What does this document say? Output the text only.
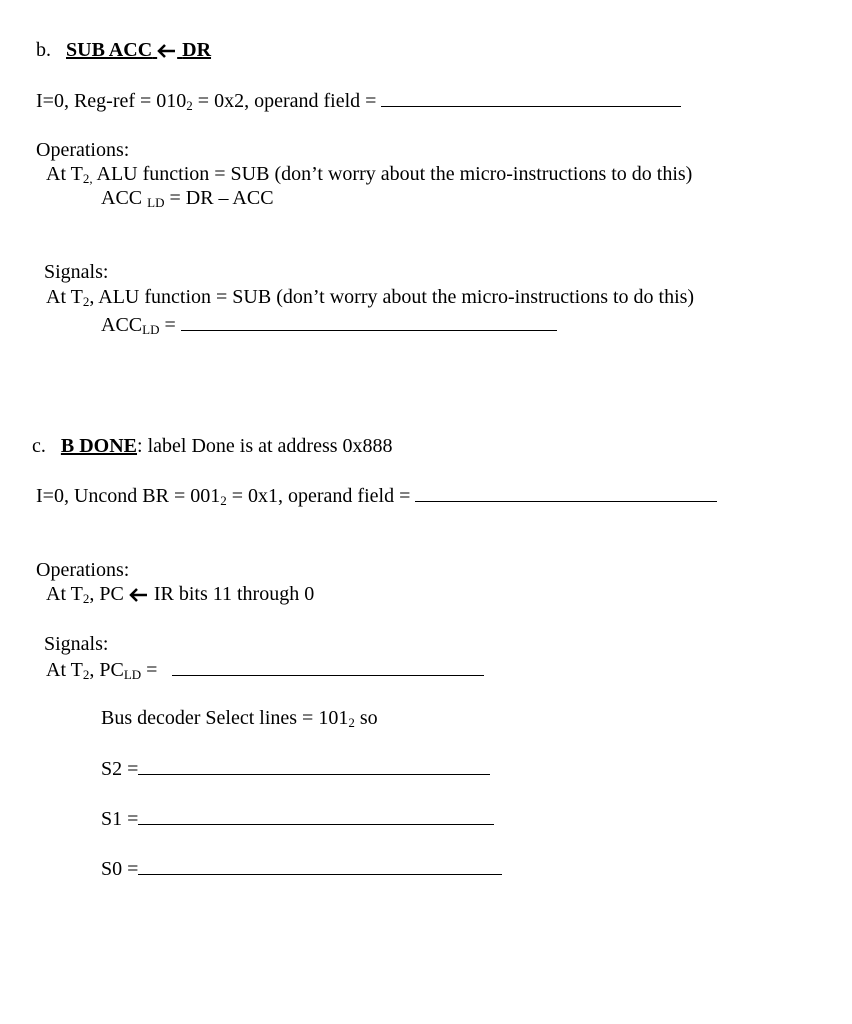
b. SUB ACC DR
I=0, $Reg-ref = 010_2 = 0x2$, operand field =
Operations:
At $T_{2,}$ ALU function = SUB (don’t worry about the micro-instructions to do this)
ACC $_{LD}$ = DR – ACC
Signals:
At $T_2$, ALU function = SUB (don’t worry about the micro-instructions to do this)
$ACC_{LD}$ =
c. B DONE: label Done is at address 0x888
I=0, Uncond BR = $001_2 = 0x1$, operand field =
Operations:
At $T_2$, PC  IR bits 11 through 0
Signals:
At $T_2$, $PC_{LD}$ =
Bus decoder Select lines = $101_2$ so
S2 =
S1 =
S0 =
